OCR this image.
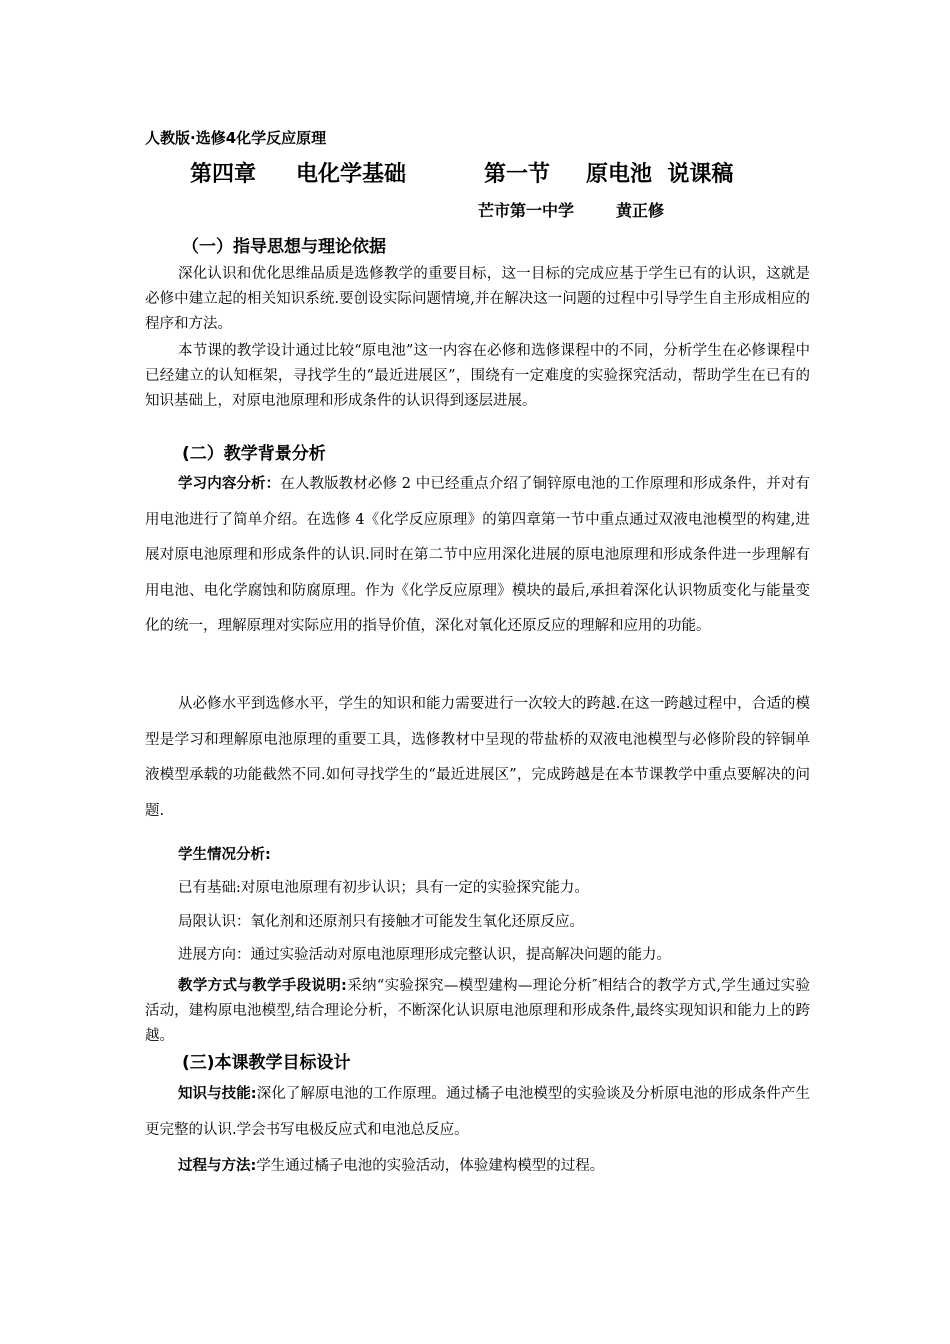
人教版·选修4化学反应原理
第四章 电化学基础	第一节 原电池  说课稿
芒市第一中学	黄正修
（一）指导思想与理论依据

深化认识和优化思维品质是选修教学的重要目标，这一目标的完成应基于学生已有的认识，这就是必修中建立起的相关知识系统.要创设实际问题情境,并在解决这一问题的过程中引导学生自主形成相应的程序和方法。

本节课的教学设计通过比较“原电池”这一内容在必修和选修课程中的不同，分析学生在必修课程中已经建立的认知框架，寻找学生的“最近进展区”，围绕有一定难度的实验探究活动，帮助学生在已有的知识基础上，对原电池原理和形成条件的认识得到逐层进展。

(二）教学背景分析

学习内容分析：在人教版教材必修 2 中已经重点介绍了铜锌原电池的工作原理和形成条件，并对有用电池进行了简单介绍。在选修 4《化学反应原理》的第四章第一节中重点通过双液电池模型的构建,进展对原电池原理和形成条件的认识.同时在第二节中应用深化进展的原电池原理和形成条件进一步理解有用电池、电化学腐蚀和防腐原理。作为《化学反应原理》模块的最后,承担着深化认识物质变化与能量变化的统一，理解原理对实际应用的指导价值，深化对氧化还原反应的理解和应用的功能。

从必修水平到选修水平，学生的知识和能力需要进行一次较大的跨越.在这一跨越过程中，合适的模型是学习和理解原电池原理的重要工具，选修教材中呈现的带盐桥的双液电池模型与必修阶段的锌铜单液模型承载的功能截然不同.如何寻找学生的“最近进展区”，完成跨越是在本节课教学中重点要解决的问题.

学生情况分析:
已有基础:对原电池原理有初步认识；具有一定的实验探究能力。
局限认识：氧化剂和还原剂只有接触才可能发生氧化还原反应。
进展方向：通过实验活动对原电池原理形成完整认识，提高解决问题的能力。

教学方式与教学手段说明:采纳“实验探究—模型建构—理论分析″相结合的教学方式,学生通过实验活动，建构原电池模型,结合理论分析，不断深化认识原电池原理和形成条件,最终实现知识和能力上的跨越。

(三)本课教学目标设计

知识与技能:深化了解原电池的工作原理。通过橘子电池模型的实验谈及分析原电池的形成条件产生更完整的认识.学会书写电极反应式和电池总反应。

过程与方法:学生通过橘子电池的实验活动，体验建构模型的过程。
